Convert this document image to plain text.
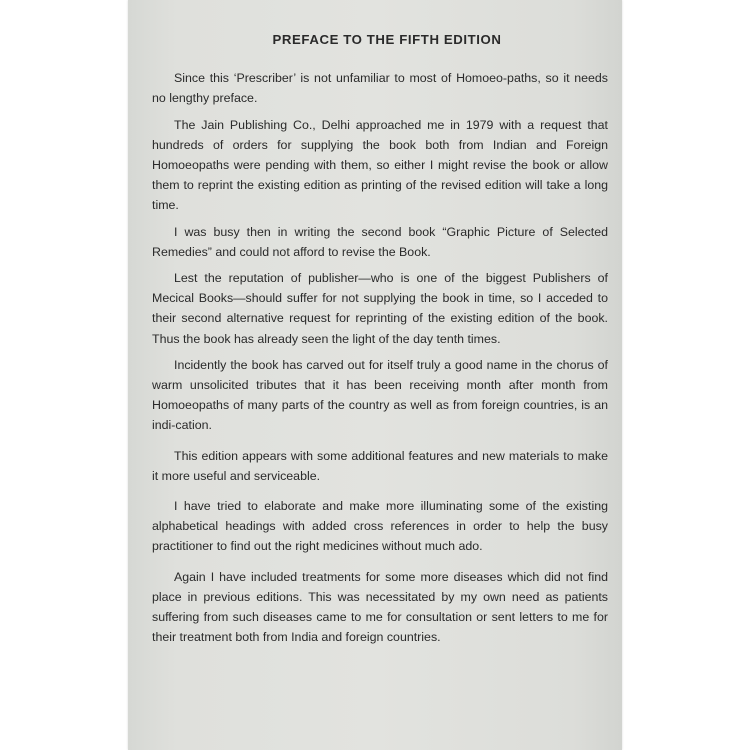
PREFACE TO THE FIFTH EDITION

Since this ‘Prescriber’ is not unfamiliar to most of Homoeo-paths, so it needs no lengthy preface.

The Jain Publishing Co., Delhi approached me in 1979 with a request that hundreds of orders for supplying the book both from Indian and Foreign Homoeopaths were pending with them, so either I might revise the book or allow them to reprint the existing edition as printing of the revised edition will take a long time.

I was busy then in writing the second book “Graphic Picture of Selected Remedies” and could not afford to revise the Book.

Lest the reputation of publisher—who is one of the biggest Publishers of Mecical Books—should suffer for not supplying the book in time, so I acceded to their second alternative request for reprinting of the existing edition of the book. Thus the book has already seen the light of the day tenth times.

Incidently the book has carved out for itself truly a good name in the chorus of warm unsolicited tributes that it has been receiving month after month from Homoeopaths of many parts of the country as well as from foreign countries, is an indi-cation.

This edition appears with some additional features and new materials to make it more useful and serviceable.

I have tried to elaborate and make more illuminating some of the existing alphabetical headings with added cross references in order to help the busy practitioner to find out the right medicines without much ado.

Again I have included treatments for some more diseases which did not find place in previous editions. This was necessitated by my own need as patients suffering from such diseases came to me for consultation or sent letters to me for their treatment both from India and foreign countries.
